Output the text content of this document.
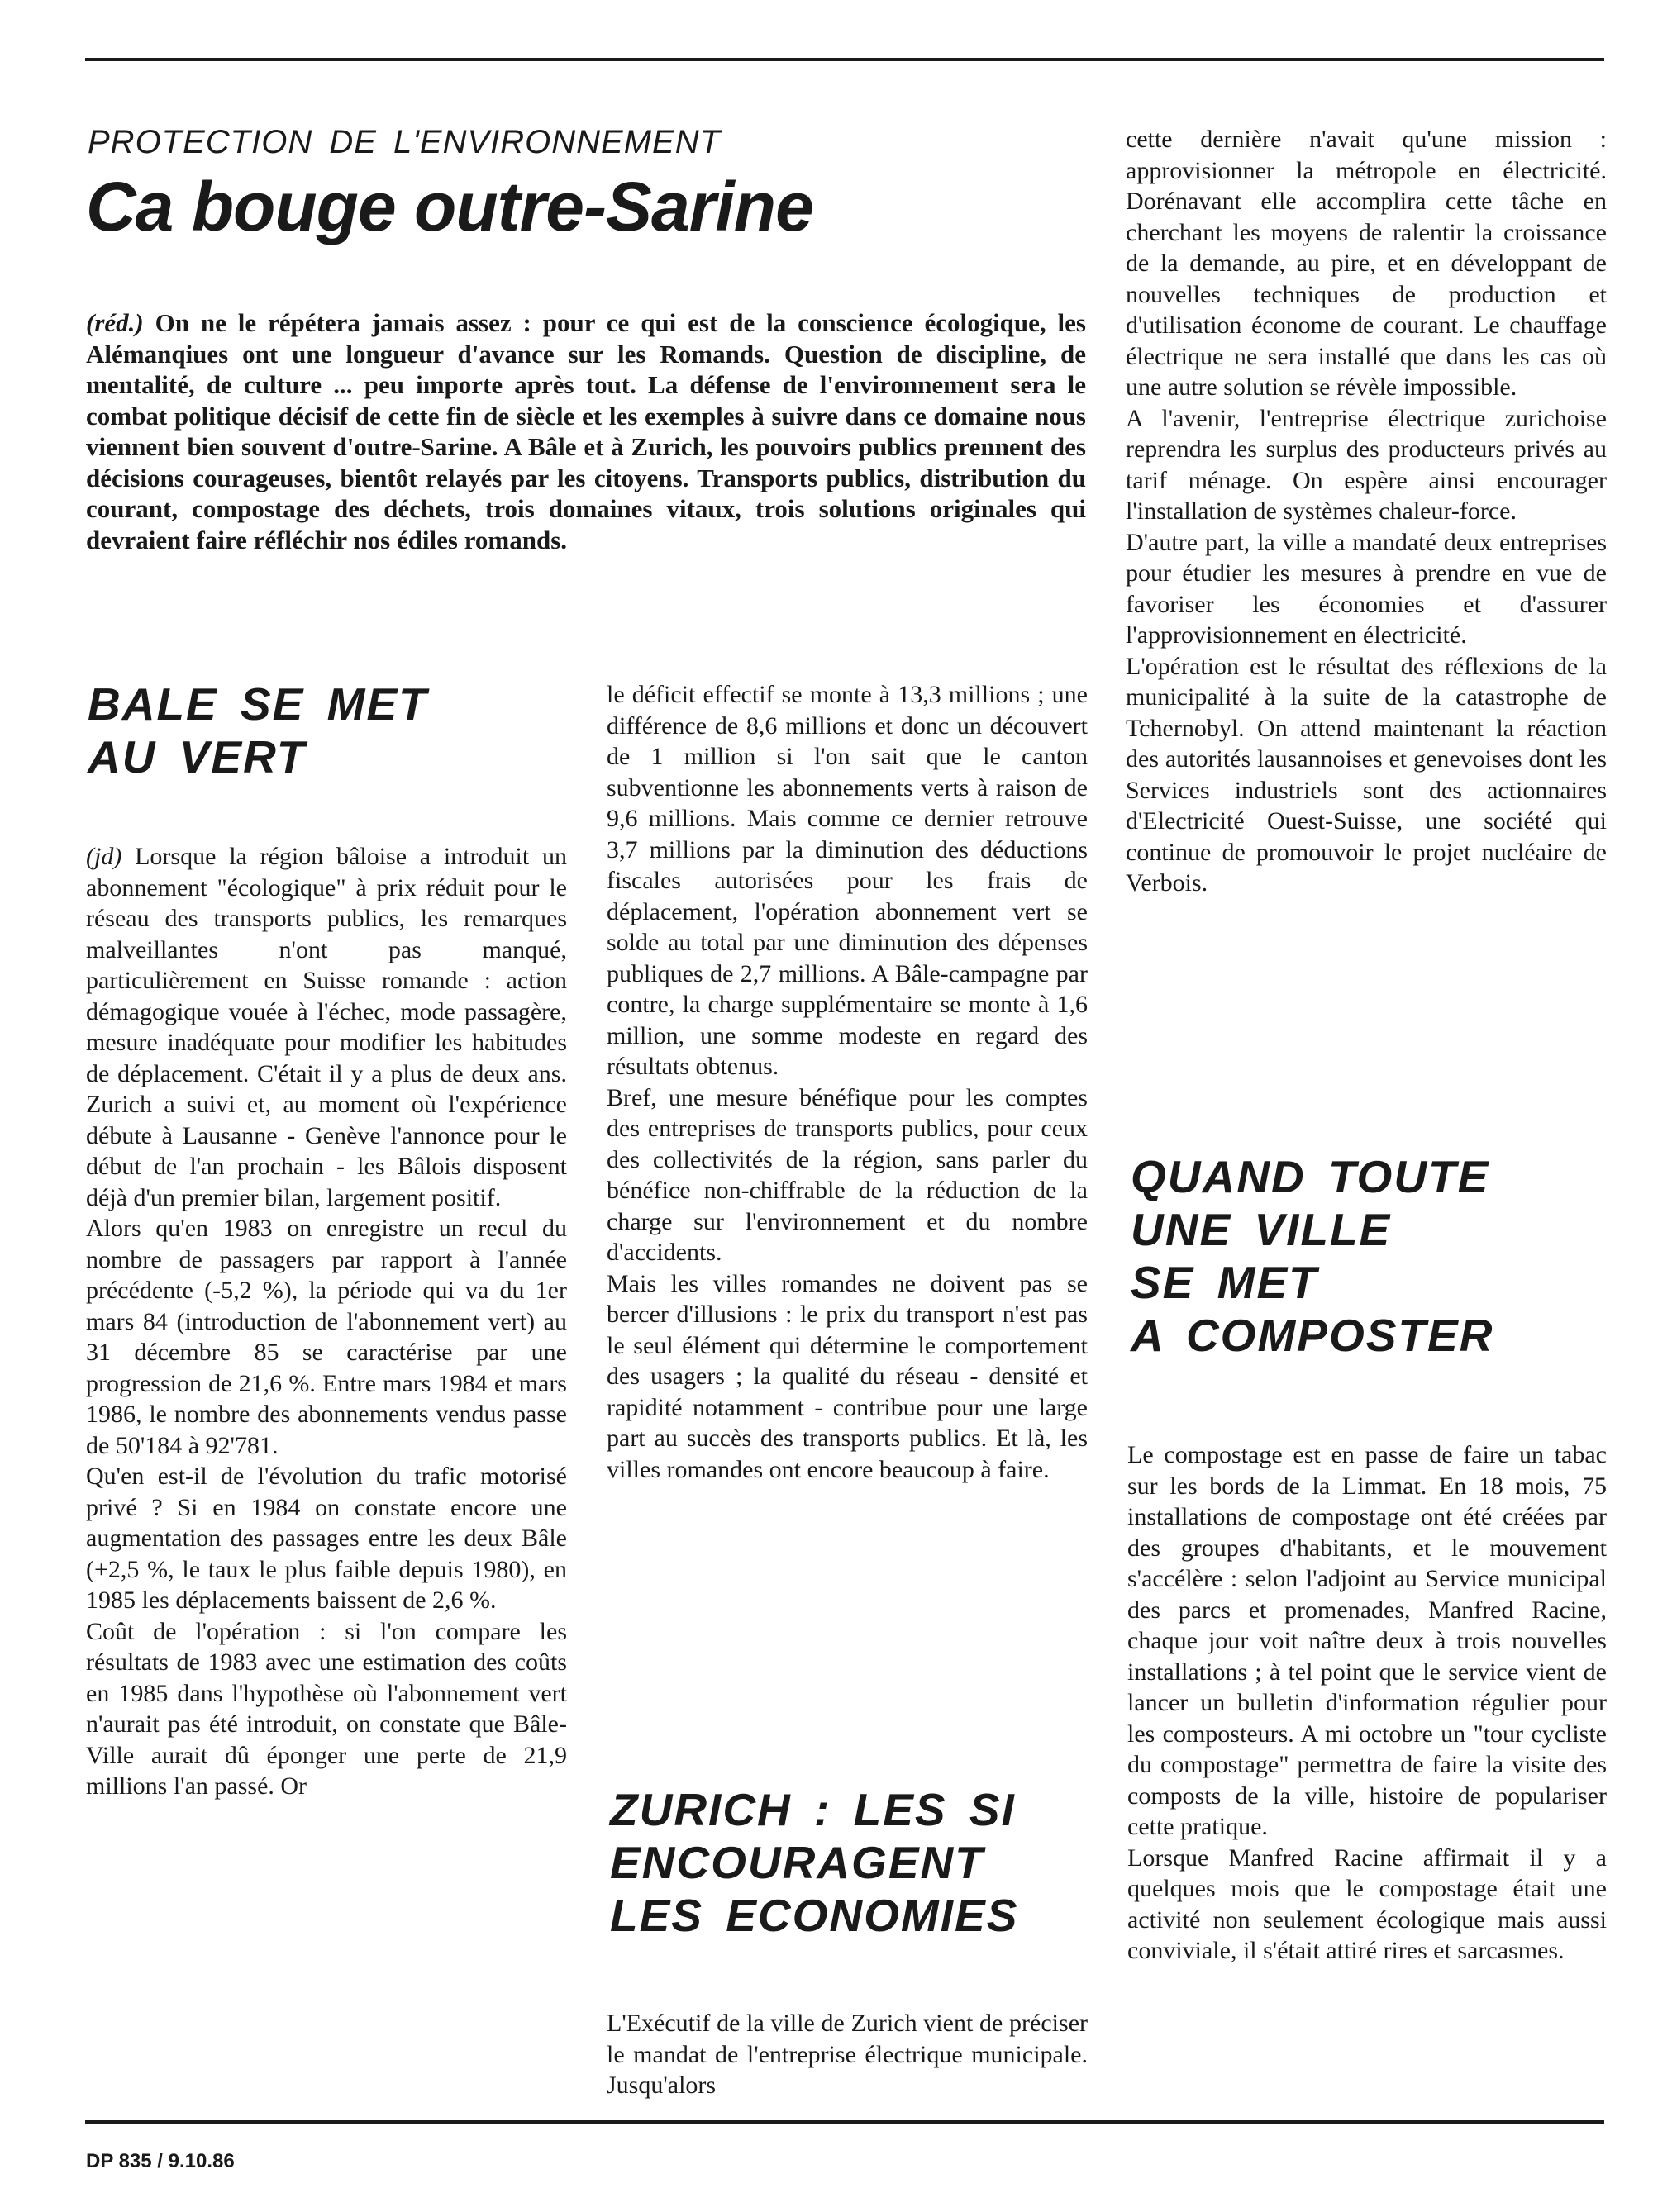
PROTECTION DE L'ENVIRONNEMENT

Ca bouge outre-Sarine

(réd.) On ne le répétera jamais assez : pour ce qui est de la conscience écologique, les Alémanqiues ont une longueur d'avance sur les Romands. Question de discipline, de mentalité, de culture ... peu importe après tout. La défense de l'environnement sera le combat politique décisif de cette fin de siècle et les exemples à suivre dans ce domaine nous viennent bien souvent d'outre-Sarine. A Bâle et à Zurich, les pouvoirs publics prennent des décisions courageuses, bientôt relayés par les citoyens. Transports publics, distribution du courant, compostage des déchets, trois domaines vitaux, trois solutions originales qui devraient faire réfléchir nos édiles romands.

BALE SE MET
AU VERT

(jd) Lorsque la région bâloise a introduit un abonnement "écologique" à prix réduit pour le réseau des transports publics, les remarques malveillantes n'ont pas manqué, particulièrement en Suisse romande : action démagogique vouée à l'échec, mode passagère, mesure inadéquate pour modifier les habitudes de déplacement. C'était il y a plus de deux ans. Zurich a suivi et, au moment où l'expérience débute à Lausanne - Genève l'annonce pour le début de l'an prochain - les Bâlois disposent déjà d'un premier bilan, largement positif.

Alors qu'en 1983 on enregistre un recul du nombre de passagers par rapport à l'année précédente (-5,2 %), la période qui va du 1er mars 84 (introduction de l'abonnement vert) au 31 décembre 85 se caractérise par une progression de 21,6 %. Entre mars 1984 et mars 1986, le nombre des abonnements vendus passe de 50'184 à 92'781.

Qu'en est-il de l'évolution du trafic motorisé privé ? Si en 1984 on constate encore une augmentation des passages entre les deux Bâle (+2,5 %, le taux le plus faible depuis 1980), en 1985 les déplacements baissent de 2,6 %.

Coût de l'opération : si l'on compare les résultats de 1983 avec une estimation des coûts en 1985 dans l'hypothèse où l'abonnement vert n'aurait pas été introduit, on constate que Bâle-Ville aurait dû éponger une perte de 21,9 millions l'an passé. Or

le déficit effectif se monte à 13,3 millions ; une différence de 8,6 millions et donc un découvert de 1 million si l'on sait que le canton subventionne les abonnements verts à raison de 9,6 millions. Mais comme ce dernier retrouve 3,7 millions par la diminution des déductions fiscales autorisées pour les frais de déplacement, l'opération abonnement vert se solde au total par une diminution des dépenses publiques de 2,7 millions. A Bâle-campagne par contre, la charge supplémentaire se monte à 1,6 million, une somme modeste en regard des résultats obtenus.

Bref, une mesure bénéfique pour les comptes des entreprises de transports publics, pour ceux des collectivités de la région, sans parler du bénéfice non-chiffrable de la réduction de la charge sur l'environnement et du nombre d'accidents.

Mais les villes romandes ne doivent pas se bercer d'illusions : le prix du transport n'est pas le seul élément qui détermine le comportement des usagers ; la qualité du réseau - densité et rapidité notamment - contribue pour une large part au succès des transports publics. Et là, les villes romandes ont encore beaucoup à faire.

ZURICH : LES SI
ENCOURAGENT
LES ECONOMIES

L'Exécutif de la ville de Zurich vient de préciser le mandat de l'entreprise électrique municipale. Jusqu'alors

cette dernière n'avait qu'une mission : approvisionner la métropole en électricité. Dorénavant elle accomplira cette tâche en cherchant les moyens de ralentir la croissance de la demande, au pire, et en développant de nouvelles techniques de production et d'utilisation économe de courant. Le chauffage électrique ne sera installé que dans les cas où une autre solution se révèle impossible.

A l'avenir, l'entreprise électrique zurichoise reprendra les surplus des producteurs privés au tarif ménage. On espère ainsi encourager l'installation de systèmes chaleur-force.

D'autre part, la ville a mandaté deux entreprises pour étudier les mesures à prendre en vue de favoriser les économies et d'assurer l'approvisionnement en électricité.

L'opération est le résultat des réflexions de la municipalité à la suite de la catastrophe de Tchernobyl. On attend maintenant la réaction des autorités lausannoises et genevoises dont les Services industriels sont des actionnaires d'Electricité Ouest-Suisse, une société qui continue de promouvoir le projet nucléaire de Verbois.

QUAND TOUTE
UNE VILLE
SE MET
A COMPOSTER

Le compostage est en passe de faire un tabac sur les bords de la Limmat. En 18 mois, 75 installations de compostage ont été créées par des groupes d'habitants, et le mouvement s'accélère : selon l'adjoint au Service municipal des parcs et promenades, Manfred Racine, chaque jour voit naître deux à trois nouvelles installations ; à tel point que le service vient de lancer un bulletin d'information régulier pour les composteurs. A mi octobre un "tour cycliste du compostage" permettra de faire la visite des composts de la ville, histoire de populariser cette pratique.

Lorsque Manfred Racine affirmait il y a quelques mois que le compostage était une activité non seulement écologique mais aussi conviviale, il s'était attiré rires et sarcasmes.

DP 835 / 9.10.86
